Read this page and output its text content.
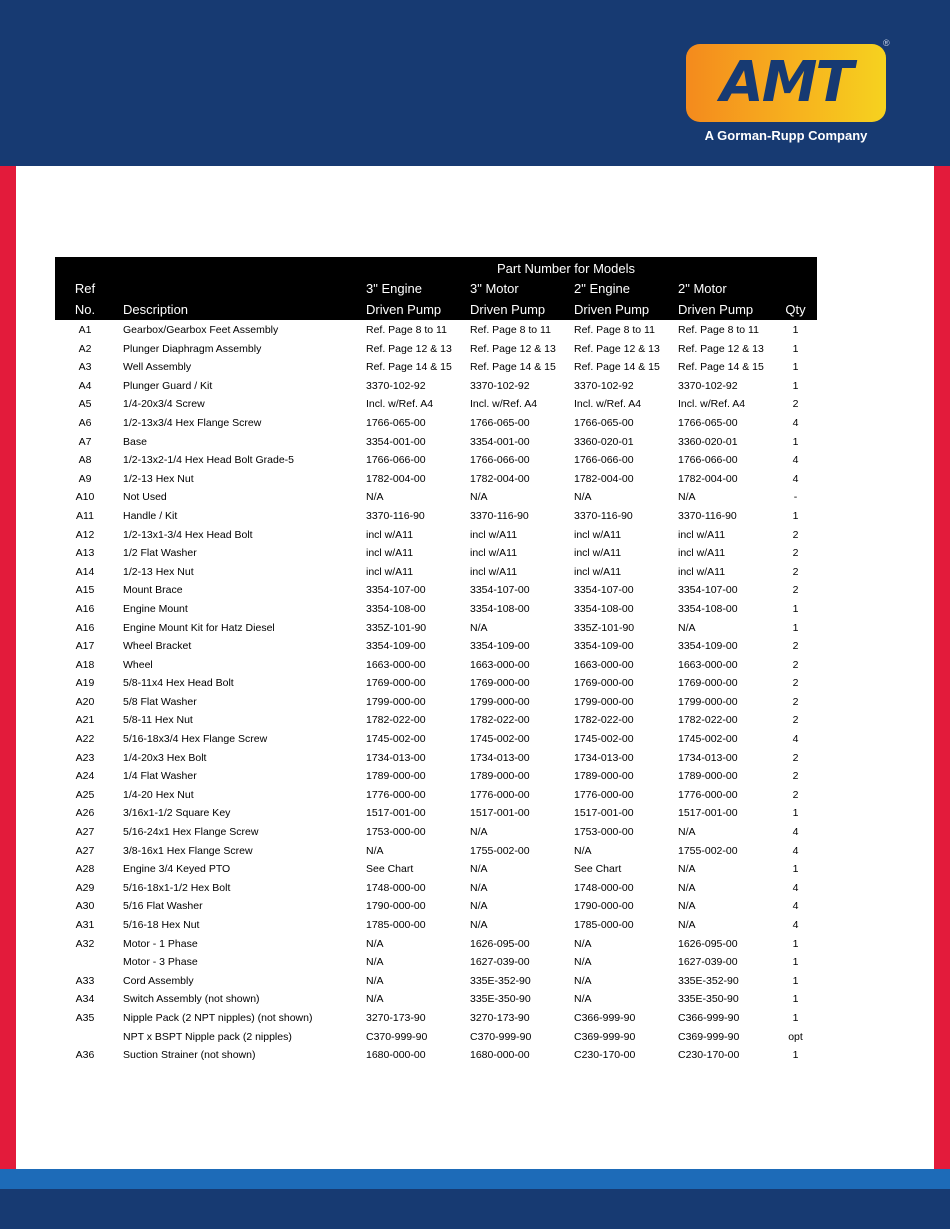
AMT
®
A Gorman-Rupp Company
		Part Number for Models				
Ref		3" Engine	3" Motor	2" Engine	2" Motor	
No.	Description	Driven Pump	Driven Pump	Driven Pump	Driven Pump	Qty
A1	Gearbox/Gearbox Feet Assembly	Ref. Page 8 to 11	Ref. Page 8 to 11	Ref. Page 8 to 11	Ref. Page 8 to 11	1
A2	Plunger Diaphragm Assembly	Ref. Page 12 & 13	Ref. Page 12 & 13	Ref. Page 12 & 13	Ref. Page 12 & 13	1
A3	Well Assembly	Ref. Page 14 & 15	Ref. Page 14 & 15	Ref. Page 14 & 15	Ref. Page 14 & 15	1
A4	Plunger Guard / Kit	3370-102-92	3370-102-92	3370-102-92	3370-102-92	1
A5	1/4-20x3/4 Screw	Incl. w/Ref. A4	Incl. w/Ref. A4	Incl. w/Ref. A4	Incl. w/Ref. A4	2
A6	1/2-13x3/4 Hex Flange Screw	1766-065-00	1766-065-00	1766-065-00	1766-065-00	4
A7	Base	3354-001-00	3354-001-00	3360-020-01	3360-020-01	1
A8	1/2-13x2-1/4 Hex Head Bolt Grade-5	1766-066-00	1766-066-00	1766-066-00	1766-066-00	4
A9	1/2-13 Hex Nut	1782-004-00	1782-004-00	1782-004-00	1782-004-00	4
A10	Not Used	N/A	N/A	N/A	N/A	-
A11	Handle / Kit	3370-116-90	3370-116-90	3370-116-90	3370-116-90	1
A12	1/2-13x1-3/4 Hex Head Bolt	incl w/A11	incl w/A11	incl w/A11	incl w/A11	2
A13	1/2 Flat Washer	incl w/A11	incl w/A11	incl w/A11	incl w/A11	2
A14	1/2-13 Hex Nut	incl w/A11	incl w/A11	incl w/A11	incl w/A11	2
A15	Mount Brace	3354-107-00	3354-107-00	3354-107-00	3354-107-00	2
A16	Engine Mount	3354-108-00	3354-108-00	3354-108-00	3354-108-00	1
A16	Engine Mount Kit for Hatz Diesel	335Z-101-90	N/A	335Z-101-90	N/A	1
A17	Wheel Bracket	3354-109-00	3354-109-00	3354-109-00	3354-109-00	2
A18	Wheel	1663-000-00	1663-000-00	1663-000-00	1663-000-00	2
A19	5/8-11x4 Hex Head Bolt	1769-000-00	1769-000-00	1769-000-00	1769-000-00	2
A20	5/8 Flat Washer	1799-000-00	1799-000-00	1799-000-00	1799-000-00	2
A21	5/8-11 Hex Nut	1782-022-00	1782-022-00	1782-022-00	1782-022-00	2
A22	5/16-18x3/4 Hex Flange Screw	1745-002-00	1745-002-00	1745-002-00	1745-002-00	4
A23	1/4-20x3 Hex Bolt	1734-013-00	1734-013-00	1734-013-00	1734-013-00	2
A24	1/4 Flat Washer	1789-000-00	1789-000-00	1789-000-00	1789-000-00	2
A25	1/4-20 Hex Nut	1776-000-00	1776-000-00	1776-000-00	1776-000-00	2
A26	3/16x1-1/2 Square Key	1517-001-00	1517-001-00	1517-001-00	1517-001-00	1
A27	5/16-24x1 Hex Flange Screw	1753-000-00	N/A	1753-000-00	N/A	4
A27	3/8-16x1 Hex Flange Screw	N/A	1755-002-00	N/A	1755-002-00	4
A28	Engine 3/4 Keyed PTO	See Chart	N/A	See Chart	N/A	1
A29	5/16-18x1-1/2 Hex Bolt	1748-000-00	N/A	1748-000-00	N/A	4
A30	5/16 Flat Washer	1790-000-00	N/A	1790-000-00	N/A	4
A31	5/16-18 Hex Nut	1785-000-00	N/A	1785-000-00	N/A	4
A32	Motor - 1 Phase	N/A	1626-095-00	N/A	1626-095-00	1
	Motor - 3 Phase	N/A	1627-039-00	N/A	1627-039-00	1
A33	Cord Assembly	N/A	335E-352-90	N/A	335E-352-90	1
A34	Switch Assembly (not shown)	N/A	335E-350-90	N/A	335E-350-90	1
A35	Nipple Pack (2 NPT nipples) (not shown)	3270-173-90	3270-173-90	C366-999-90	C366-999-90	1
	NPT x BSPT Nipple pack (2 nipples)	C370-999-90	C370-999-90	C369-999-90	C369-999-90	opt
A36	Suction Strainer (not shown)	1680-000-00	1680-000-00	C230-170-00	C230-170-00	1
